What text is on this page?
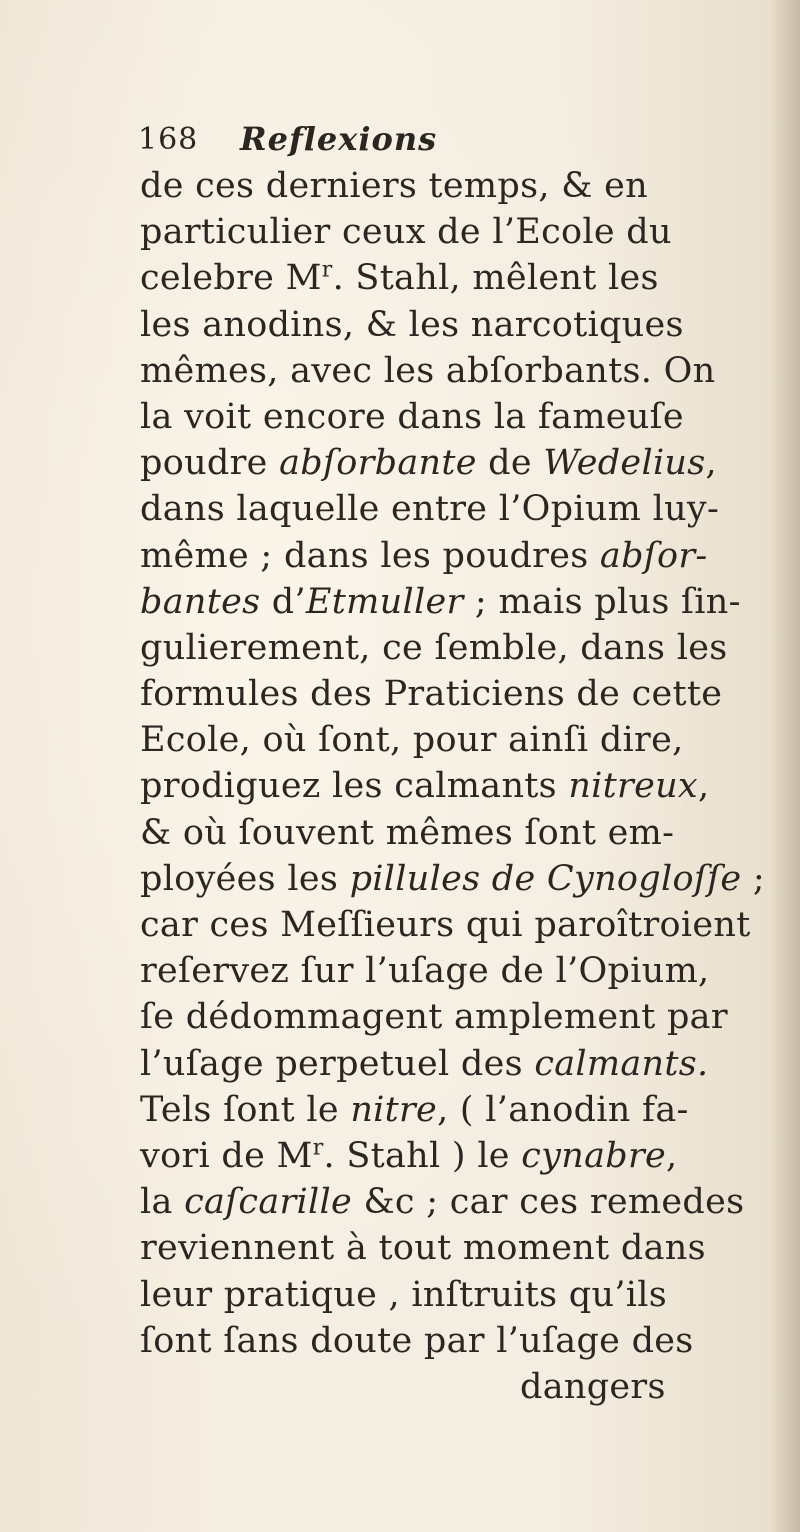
168 Reflexions
de ces derniers temps, & en
particulier ceux de l’Ecole du
celebre $M^r$. Stahl, mêlent les
les anodins, & les narcotiques
mêmes, avec les abſorbants. On
la voit encore dans la fameuſe
poudre abſorbante de Wedelius,
dans laquelle entre l’Opium luy-
même ; dans les poudres abſor-
bantes d’Etmuller ; mais plus ſin-
gulierement, ce ſemble, dans les
formules des Praticiens de cette
Ecole, où ſont, pour ainſi dire,
prodiguez les calmants nitreux,
& où ſouvent mêmes ſont em-
ployées les pillules de Cynogloſſe ;
car ces Meſſieurs qui paroîtroient
reſervez ſur l’uſage de l’Opium,
ſe dédommagent amplement par
l’uſage perpetuel des calmants.
Tels ſont le nitre, ( l’anodin fa-
vori de $M^r$. Stahl ) le cynabre,
la caſcarille &c ; car ces remedes
reviennent à tout moment dans
leur pratique , inſtruits qu’ils
ſont ſans doute par l’uſage des
dangers
